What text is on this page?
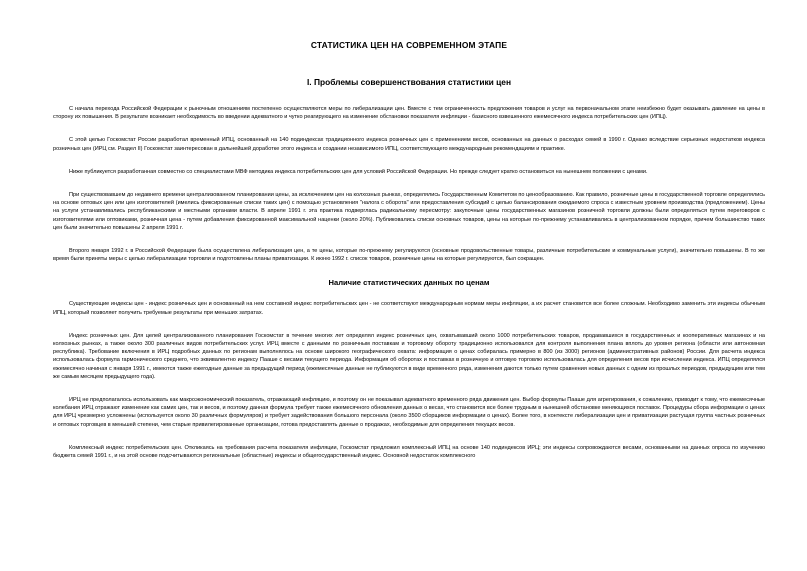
СТАТИСТИКА ЦЕН НА СОВРЕМЕННОМ ЭТАПЕ
I. Проблемы совершенствования статистики цен
С начала перехода Российской Федерации к рыночным отношениям постепенно осуществляются меры по либерализации цен. Вместе с тем ограниченность предложения товаров и услуг на первоначальном этапе неизбежно будет оказывать давление на цены в сторону их повышения. В результате возникает необходимость во введении адекватного и чутко реагирующего на изменение обстановки показателя инфляции - базисного взвешенного ежемесячного индекса потребительских цен (ИПЦ).
С этой целью Госкомстат России разработал временный ИПЦ, основанный на 140 подиндексах традиционного индекса розничных цен с применением весов, основанных на данных о расходах семей в 1990 г. Однако вследствие серьезных недостатков индекса розничных цен (ИРЦ см. Раздел II) Госкомстат заинтересован в дальнейшей доработке этого индекса и создании независимого ИПЦ, соответствующего международным рекомендациям и практике.
Ниже публикуется разработанная совместно со специалистами МВФ методика индекса потребительских цен для условий Российской Федерации. Но прежде следует кратко остановиться на нынешнем положении с ценами.
При существовавшем до недавнего времени централизованном планировании цены, за исключением цен на колхозных рынках, определялись Государственным Комитетом по ценообразованию. Как правило, розничные цены в государственной торговле определялись на основе оптовых цен или цен изготовителей (имелись фиксированные списки таких цен) с помощью установления "налога с оборота" или предоставления субсидий с целью балансирования ожидаемого спроса с известным уровнем производства (предложением). Цены на услуги устанавливались республиканскими и местными органами власти. В апреле 1991 г. эта практика подверглась радикальному пересмотру: закупочные цены государственных магазинов розничной торговли должны были определяться путем переговоров с изготовителями или оптовиками, розничная цена - путем добавления фиксированной максимальной наценки (около 20%). Публиковались списки основных товаров, цены на которые по-прежнему устанавливались в централизованном порядке, причем большинство таких цен были значительно повышены 2 апреля 1991 г.
Второго января 1992 г. в Российской Федерации была осуществлена либерализация цен, а те цены, которые по-прежнему регулируются (основные продовольственные товары, различные потребительские и коммунальные услуги), значительно повышены. В то же время были приняты меры с целью либерализации торговли и подготовлены планы приватизации. К июню 1992 г. список товаров, розничные цены на которые регулируются, был сокращен.
Наличие статистических данных по ценам
Существующие индексы цен - индекс розничных цен и основанный на нем составной индекс потребительских цен - не соответствуют международным нормам меры инфляции, а их расчет становится все более сложным. Необходимо заменить эти индексы обычным ИПЦ, который позволяет получить требуемые результаты при меньших затратах.
Индекс розничных цен. Для целей централизованного планирования Госкомстат в течение многих лет определял индекс розничных цен, охватывавший около 1000 потребительских товаров, продававшихся в государственных и кооперативных магазинах и на колхозных рынках, а также около 300 различных видов потребительских услуг. ИРЦ вместе с данными по розничным поставкам и торговому обороту традиционно использовался для контроля выполнения плана вплоть до уровня региона (области или автономная республика). Требование включения в ИРЦ подробных данных по регионам выполнялось на основе широкого географического охвата: информация о ценах собиралась примерно в 800 (из 3000) регионов (административных районов) России. Для расчета индекса использовалась формула гармонического среднего, что эквивалентно индексу Пааше с весами текущего периода. Информация об оборотах и поставках в розничную и оптовую торговлю использовалась для определения весов при исчислении индекса. ИПЦ определялся ежемесячно начиная с января 1991 г., имеются также ежегодные данные за предыдущий период (ежемесячные данные не публикуются в виде временного ряда, изменения даются только путем сравнения новых данных с одним из прошлых периодов, предыдущим или тем же самым месяцем предыдущего года).
ИРЦ не предполагалось использовать как макроэкономический показатель, отражающий инфляцию, и поэтому он не показывал адекватного временного ряда движения цен. Выбор формулы Пааше для агрегирования, к сожалению, приводит к тому, что ежемесячные колебания ИРЦ отражают изменение как самих цен, так и весов, и поэтому данная формула требует также ежемесячного обновления данных о весах, что становится все более трудным в нынешней обстановке меняющихся поставок. Процедуры сбора информации о ценах для ИРЦ чрезмерно усложнены (используется около 30 различных формуляров) и требует задействования большого персонала (около 3500 сборщиков информации о ценах). Более того, в контексте либерализации цен и приватизации растущая группа частных розничных и оптовых торговцев в меньшей степени, чем старые привилегированные организации, готова предоставлять данные о продажах, необходимые для определения текущих весов.
Комплексный индекс потребительских цен. Откликаясь на требования расчета показателя инфляции, Госкомстат предложил комплексный ИПЦ на основе 140 подиндексов ИРЦ; эти индексы сопровождаются весами, основанными на данных опроса по изучению бюджета семей 1991 г., и на этой основе подсчитываются региональные (областные) индексы и общегосударственный индекс. Основной недостаток комплексного
